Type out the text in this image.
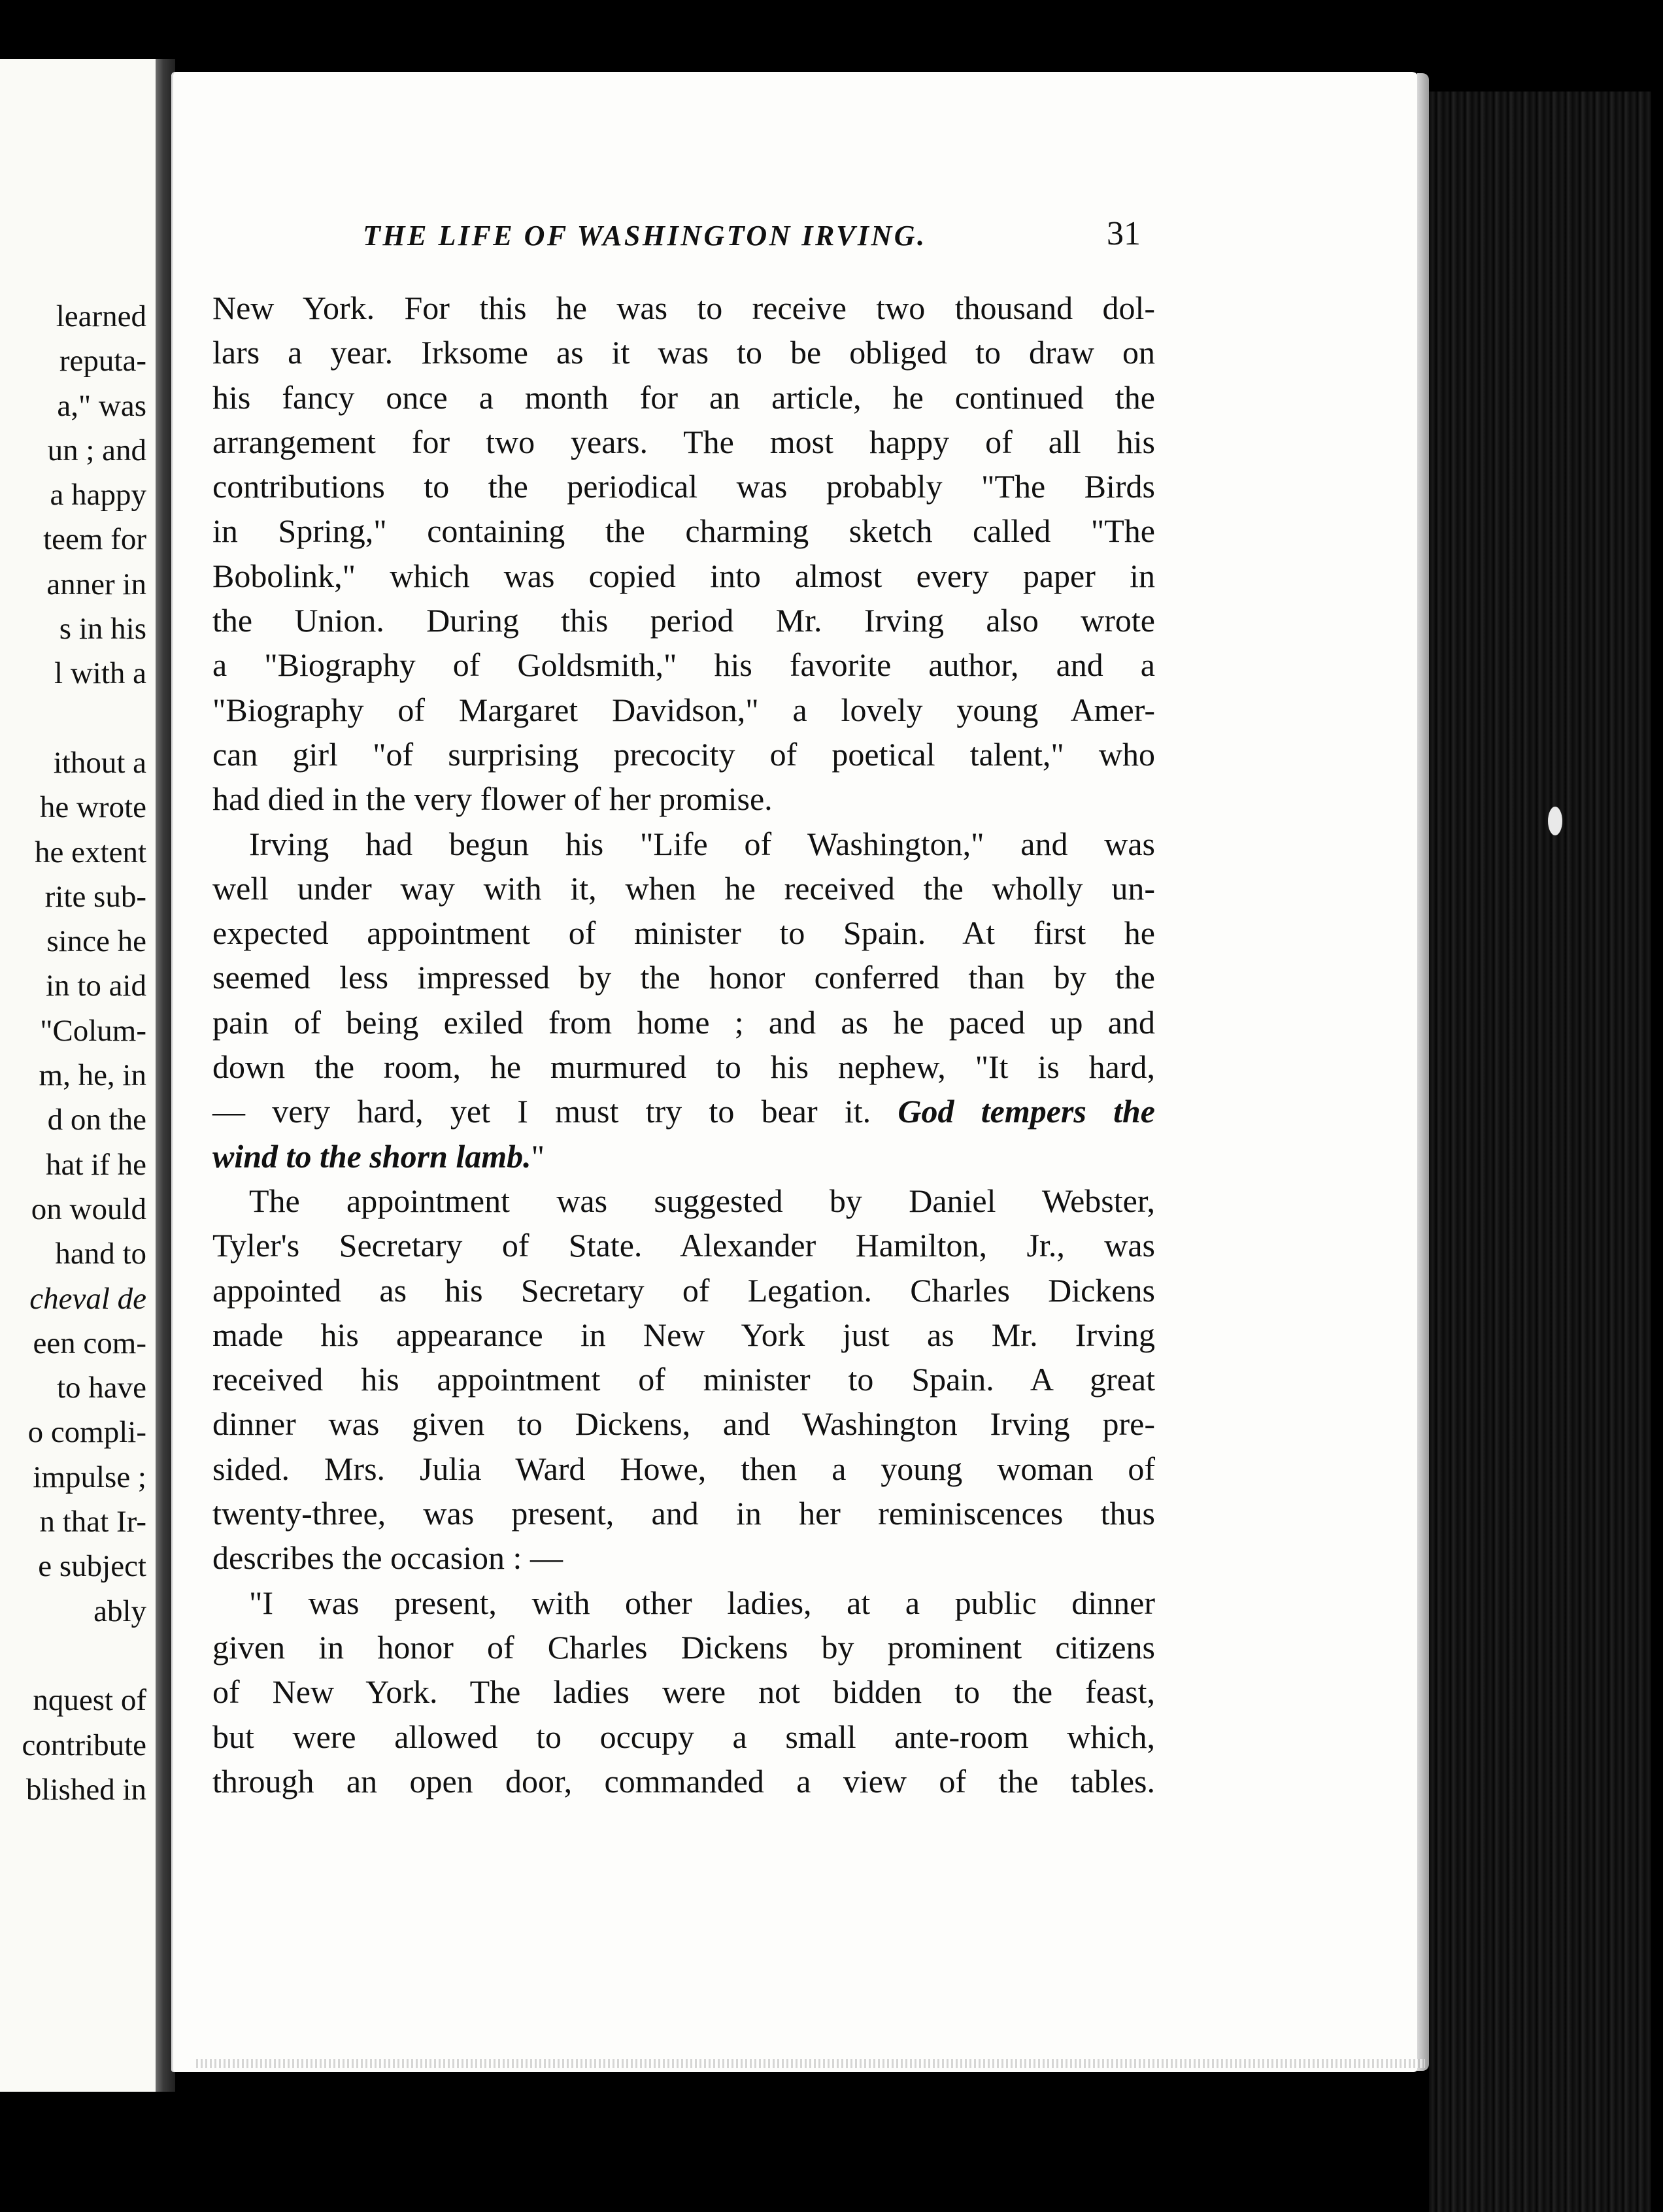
learned
reputa-
a," was
un ; and
a happy
teem for
anner in
s in his
l with a
ithout a
he wrote
he extent
rite sub-
since he
in to aid
"Colum-
m, he, in
d on the
hat if he
on would
hand to
cheval de
een com-
to have
o compli-
impulse ;
n that Ir-
e subject
ably
nquest of
contribute
blished in
THE LIFE OF WASHINGTON IRVING.	31
New York. For this he was to receive two thousand dol-
lars a year. Irksome as it was to be obliged to draw on
his fancy once a month for an article, he continued the
arrangement for two years. The most happy of all his
contributions to the periodical was probably "The Birds
in Spring," containing the charming sketch called "The
Bobolink," which was copied into almost every paper in
the Union. During this period Mr. Irving also wrote
a "Biography of Goldsmith," his favorite author, and a
"Biography of Margaret Davidson," a lovely young Amer-
can girl "of surprising precocity of poetical talent," who
had died in the very flower of her promise.
Irving had begun his "Life of Washington," and was
well under way with it, when he received the wholly un-
expected appointment of minister to Spain. At first he
seemed less impressed by the honor conferred than by the
pain of being exiled from home ; and as he paced up and
down the room, he murmured to his nephew, "It is hard,
— very hard, yet I must try to bear it. God tempers the
wind to the shorn lamb."
The appointment was suggested by Daniel Webster,
Tyler's Secretary of State. Alexander Hamilton, Jr., was
appointed as his Secretary of Legation. Charles Dickens
made his appearance in New York just as Mr. Irving
received his appointment of minister to Spain. A great
dinner was given to Dickens, and Washington Irving pre-
sided. Mrs. Julia Ward Howe, then a young woman of
twenty-three, was present, and in her reminiscences thus
describes the occasion : —
"I was present, with other ladies, at a public dinner
given in honor of Charles Dickens by prominent citizens
of New York. The ladies were not bidden to the feast,
but were allowed to occupy a small ante-room which,
through an open door, commanded a view of the tables.
